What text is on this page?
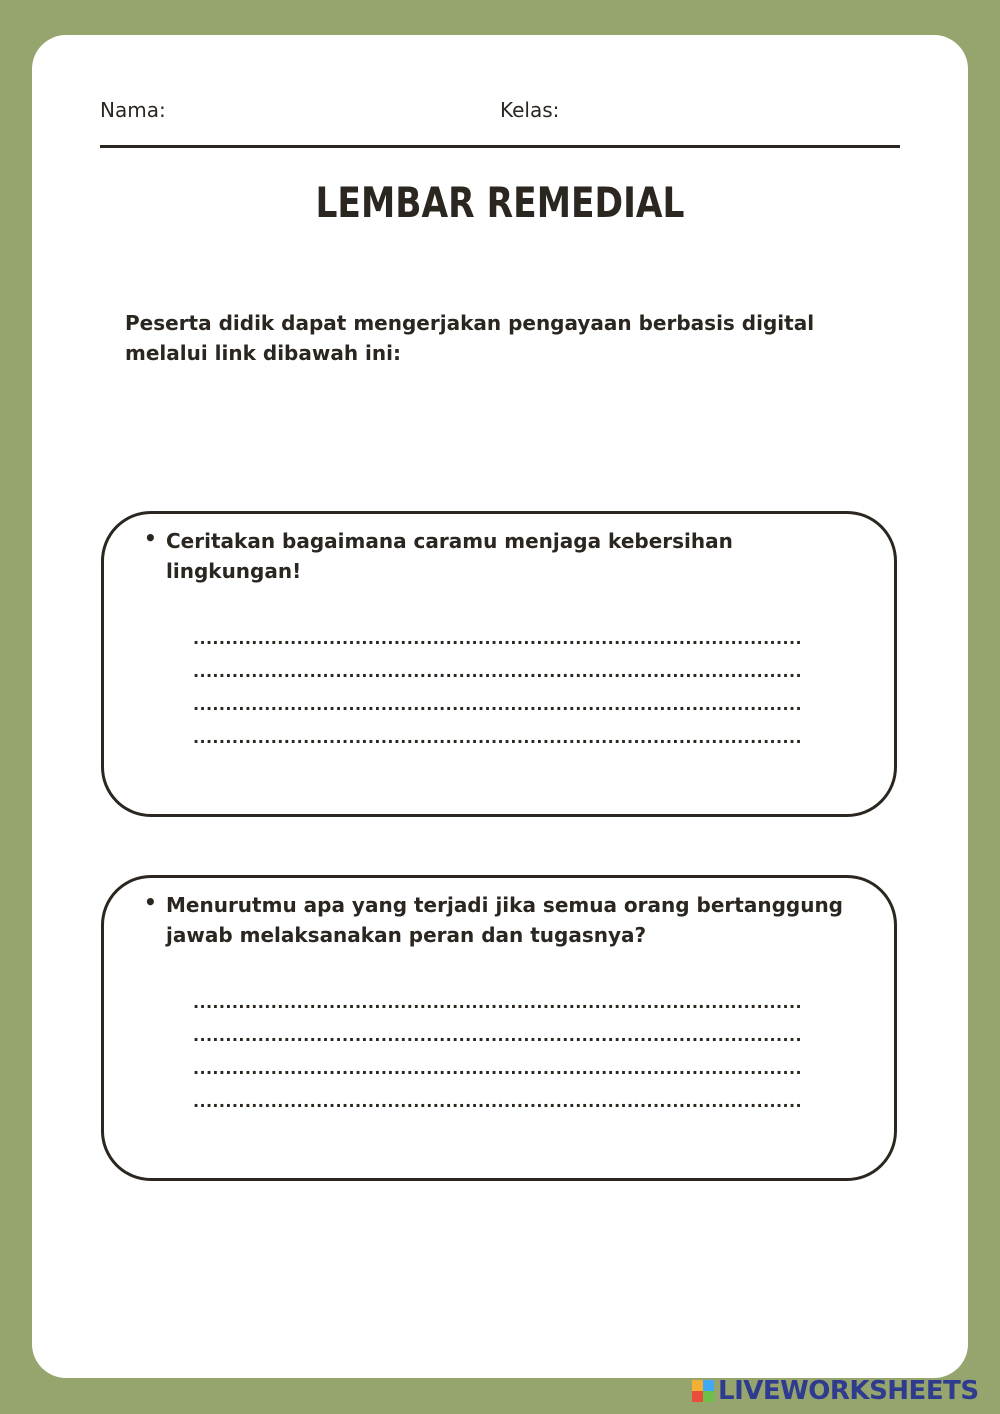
Nama:	Kelas:
LEMBAR REMEDIAL
Peserta didik dapat mengerjakan pengayaan berbasis digital melalui link dibawah ini:
• Ceritakan bagaimana caramu menjaga kebersihan lingkungan!
..............................................................................................
..............................................................................................
..............................................................................................
..............................................................................................
• Menurutmu apa yang terjadi jika semua orang bertanggung jawab melaksanakan peran dan tugasnya?
..............................................................................................
..............................................................................................
..............................................................................................
..............................................................................................
LIVEWORKSHEETS
